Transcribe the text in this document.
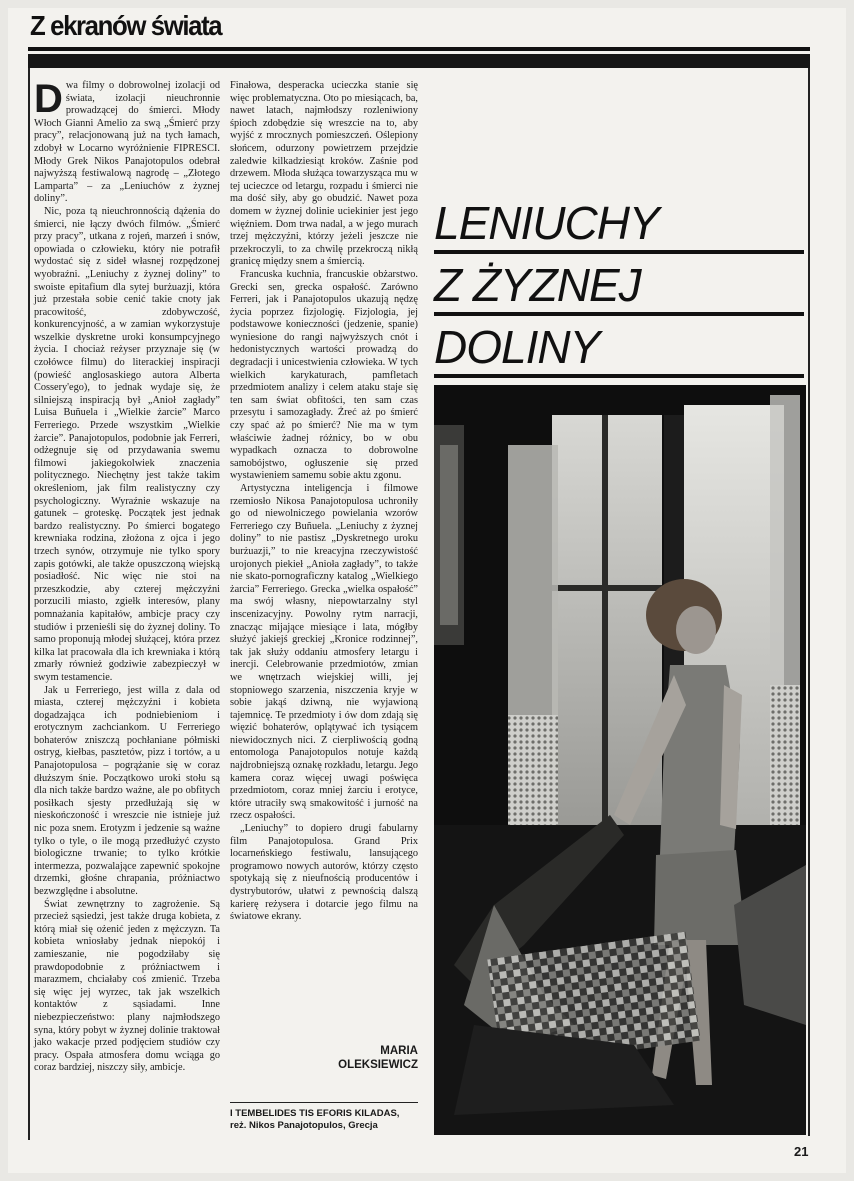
Z ekranów świata

Dwa filmy o dobrowolnej izolacji od świata, izolacji nieuchronnie prowadzącej do śmierci. Młody Włoch Gianni Amelio za swą „Śmierć przy pracy”, relacjonowaną już na tych łamach, zdobył w Locarno wyróżnienie FIPRESCI. Młody Grek Nikos Panajotopulos odebrał najwyższą festiwalową nagrodę – „Złotego Lamparta” – za „Leniuchów z żyznej doliny”.

Nic, poza tą nieuchronnością dążenia do śmierci, nie łączy dwóch filmów. „Śmierć przy pracy”, utkana z rojeń, marzeń i snów, opowiada o człowieku, który nie potrafił wydostać się z sideł własnej rozpędzonej wyobraźni. „Leniuchy z żyznej doliny” to swoiste epitafium dla sytej burżuazji, która już przestała sobie cenić takie cnoty jak pracowitość, zdobywczość, konkurencyjność, a w zamian wykorzystuje wszelkie dyskretne uroki konsumpcyjnego życia. I chociaż reżyser przyznaje się (w czołówce filmu) do literackiej inspiracji (powieść anglosaskiego autora Alberta Cossery'ego), to jednak wydaje się, że silniejszą inspiracją był „Anioł zagłady” Luisa Buñuela i „Wielkie żarcie” Marco Ferreriego. Przede wszystkim „Wielkie żarcie”. Panajotopulos, podobnie jak Ferreri, odżegnuje się od przydawania swemu filmowi jakiegokolwiek znaczenia politycznego. Niechętny jest także takim określeniom, jak film realistyczny czy psychologiczny. Wyraźnie wskazuje na gatunek – groteskę. Początek jest jednak bardzo realistyczny. Po śmierci bogatego krewniaka rodzina, złożona z ojca i jego trzech synów, otrzymuje nie tylko spory zapis gotówki, ale także opuszczoną wiejską posiadłość. Nic więc nie stoi na przeszkodzie, aby czterej mężczyźni porzucili miasto, zgiełk interesów, plany pomnażania kapitałów, ambicje pracy czy studiów i przenieśli się do żyznej doliny. To samo proponują młodej służącej, która przez kilka lat pracowała dla ich krewniaka i którą zmarły również godziwie zabezpieczył w swym testamencie.

Jak u Ferreriego, jest willa z dala od miasta, czterej mężczyźni i kobieta dogadzająca ich podniebieniom i erotycznym zachciankom. U Ferreriego bohaterów zniszczą pochłaniane półmiski ostryg, kiełbas, pasztetów, pizz i tortów, a u Panajotopulosa – pogrążanie się w coraz dłuższym śnie. Początkowo uroki stołu są dla nich także bardzo ważne, ale po obfitych posiłkach sjesty przedłużają się w nieskończoność i wreszcie nie istnieje już nic poza snem. Erotyzm i jedzenie są ważne tylko o tyle, o ile mogą przedłużyć czysto biologiczne trwanie; to tylko krótkie intermezza, pozwalające zapewnić spokojne drzemki, głośne chrapania, próżniactwo bezwzględne i absolutne.

Świat zewnętrzny to zagrożenie. Są przecież sąsiedzi, jest także druga kobieta, z którą miał się ożenić jeden z mężczyzn. Ta kobieta wniosłaby jednak niepokój i zamieszanie, nie pogodziłaby się prawdopodobnie z próżniactwem i marazmem, chciałaby coś zmienić. Trzeba się więc jej wyrzec, tak jak wszelkich kontaktów z sąsiadami. Inne niebezpieczeństwo: plany najmłodszego syna, który pobyt w żyznej dolinie traktował jako wakacje przed podjęciem studiów czy pracy. Ospała atmosfera domu wciąga go coraz bardziej, niszczy siły, ambicje.

Finałowa, desperacka ucieczka stanie się więc problematyczna. Oto po miesiącach, ba, nawet latach, najmłodszy rozleniwiony śpioch zdobędzie się wreszcie na to, aby wyjść z mrocznych pomieszczeń. Oślepiony słońcem, odurzony powietrzem przejdzie zaledwie kilkadziesiąt kroków. Zaśnie pod drzewem. Młoda służąca towarzysząca mu w tej ucieczce od letargu, rozpadu i śmierci nie ma dość siły, aby go obudzić. Nawet poza domem w żyznej dolinie uciekinier jest jego więźniem. Dom trwa nadal, a w jego murach trzej mężczyźni, którzy jeżeli jeszcze nie przekroczyli, to za chwilę przekroczą nikłą granicę między snem a śmiercią.

Francuska kuchnia, francuskie obżarstwo. Grecki sen, grecka ospałość. Zarówno Ferreri, jak i Panajotopulos ukazują nędzę życia poprzez fizjologię. Fizjologia, jej podstawowe konieczności (jedzenie, spanie) wyniesione do rangi najwyższych cnót i hedonistycznych wartości prowadzą do degradacji i unicestwienia człowieka. W tych wielkich karykaturach, pamfletach przedmiotem analizy i celem ataku staje się ten sam świat obfitości, ten sam czas przesytu i samozagłady. Żreć aż po śmierć czy spać aż po śmierć? Nie ma w tym właściwie żadnej różnicy, bo w obu wypadkach oznacza to dobrowolne samobójstwo, ogłuszenie się przed wystawieniem samemu sobie aktu zgonu.

Artystyczna inteligencja i filmowe rzemiosło Nikosa Panajotopulosa uchroniły go od niewolniczego powielania wzorów Ferreriego czy Buñuela. „Leniuchy z żyznej doliny” to nie pastisz „Dyskretnego uroku burżuazji,” to nie kreacyjna rzeczywistość urojonych piekieł „Anioła zagłady”, to także nie skato-pornograficzny katalog „Wielkiego żarcia” Ferreriego. Grecka „wielka ospałość” ma swój własny, niepowtarzalny styl inscenizacyjny. Powolny rytm narracji, znacząc mijające miesiące i lata, mógłby służyć jakiejś greckiej „Kronice rodzinnej”, tak jak służy oddaniu atmosfery letargu i inercji. Celebrowanie przedmiotów, zmian we wnętrzach wiejskiej willi, jej stopniowego szarzenia, niszczenia kryje w sobie jakąś dziwną, nie wyjawioną tajemnicę. Te przedmioty i ów dom zdają się więzić bohaterów, oplątywać ich tysiącem niewidocznych nici. Z cierpliwością godną entomologa Panajotopulos notuje każdą najdrobniejszą oznakę rozkładu, letargu. Jego kamera coraz więcej uwagi poświęca przedmiotom, coraz mniej żarciu i erotyce, które utraciły swą smakowitość i jurność na rzecz ospałości.

„Leniuchy” to dopiero drugi fabularny film Panajotopulosa. Grand Prix locarneńskiego festiwalu, lansującego programowo nowych autorów, którzy często spotykają się z nieufnością producentów i dystrybutorów, ułatwi z pewnością dalszą karierę reżysera i dotarcie jego filmu na światowe ekrany.

MARIA
OLEKSIEWICZ
LENIUCHY
Z ŻYZNEJ
DOLINY
I TEMBELIDES TIS EFORIS KILADAS, reż. Nikos Panajotopulos, Grecja
21
